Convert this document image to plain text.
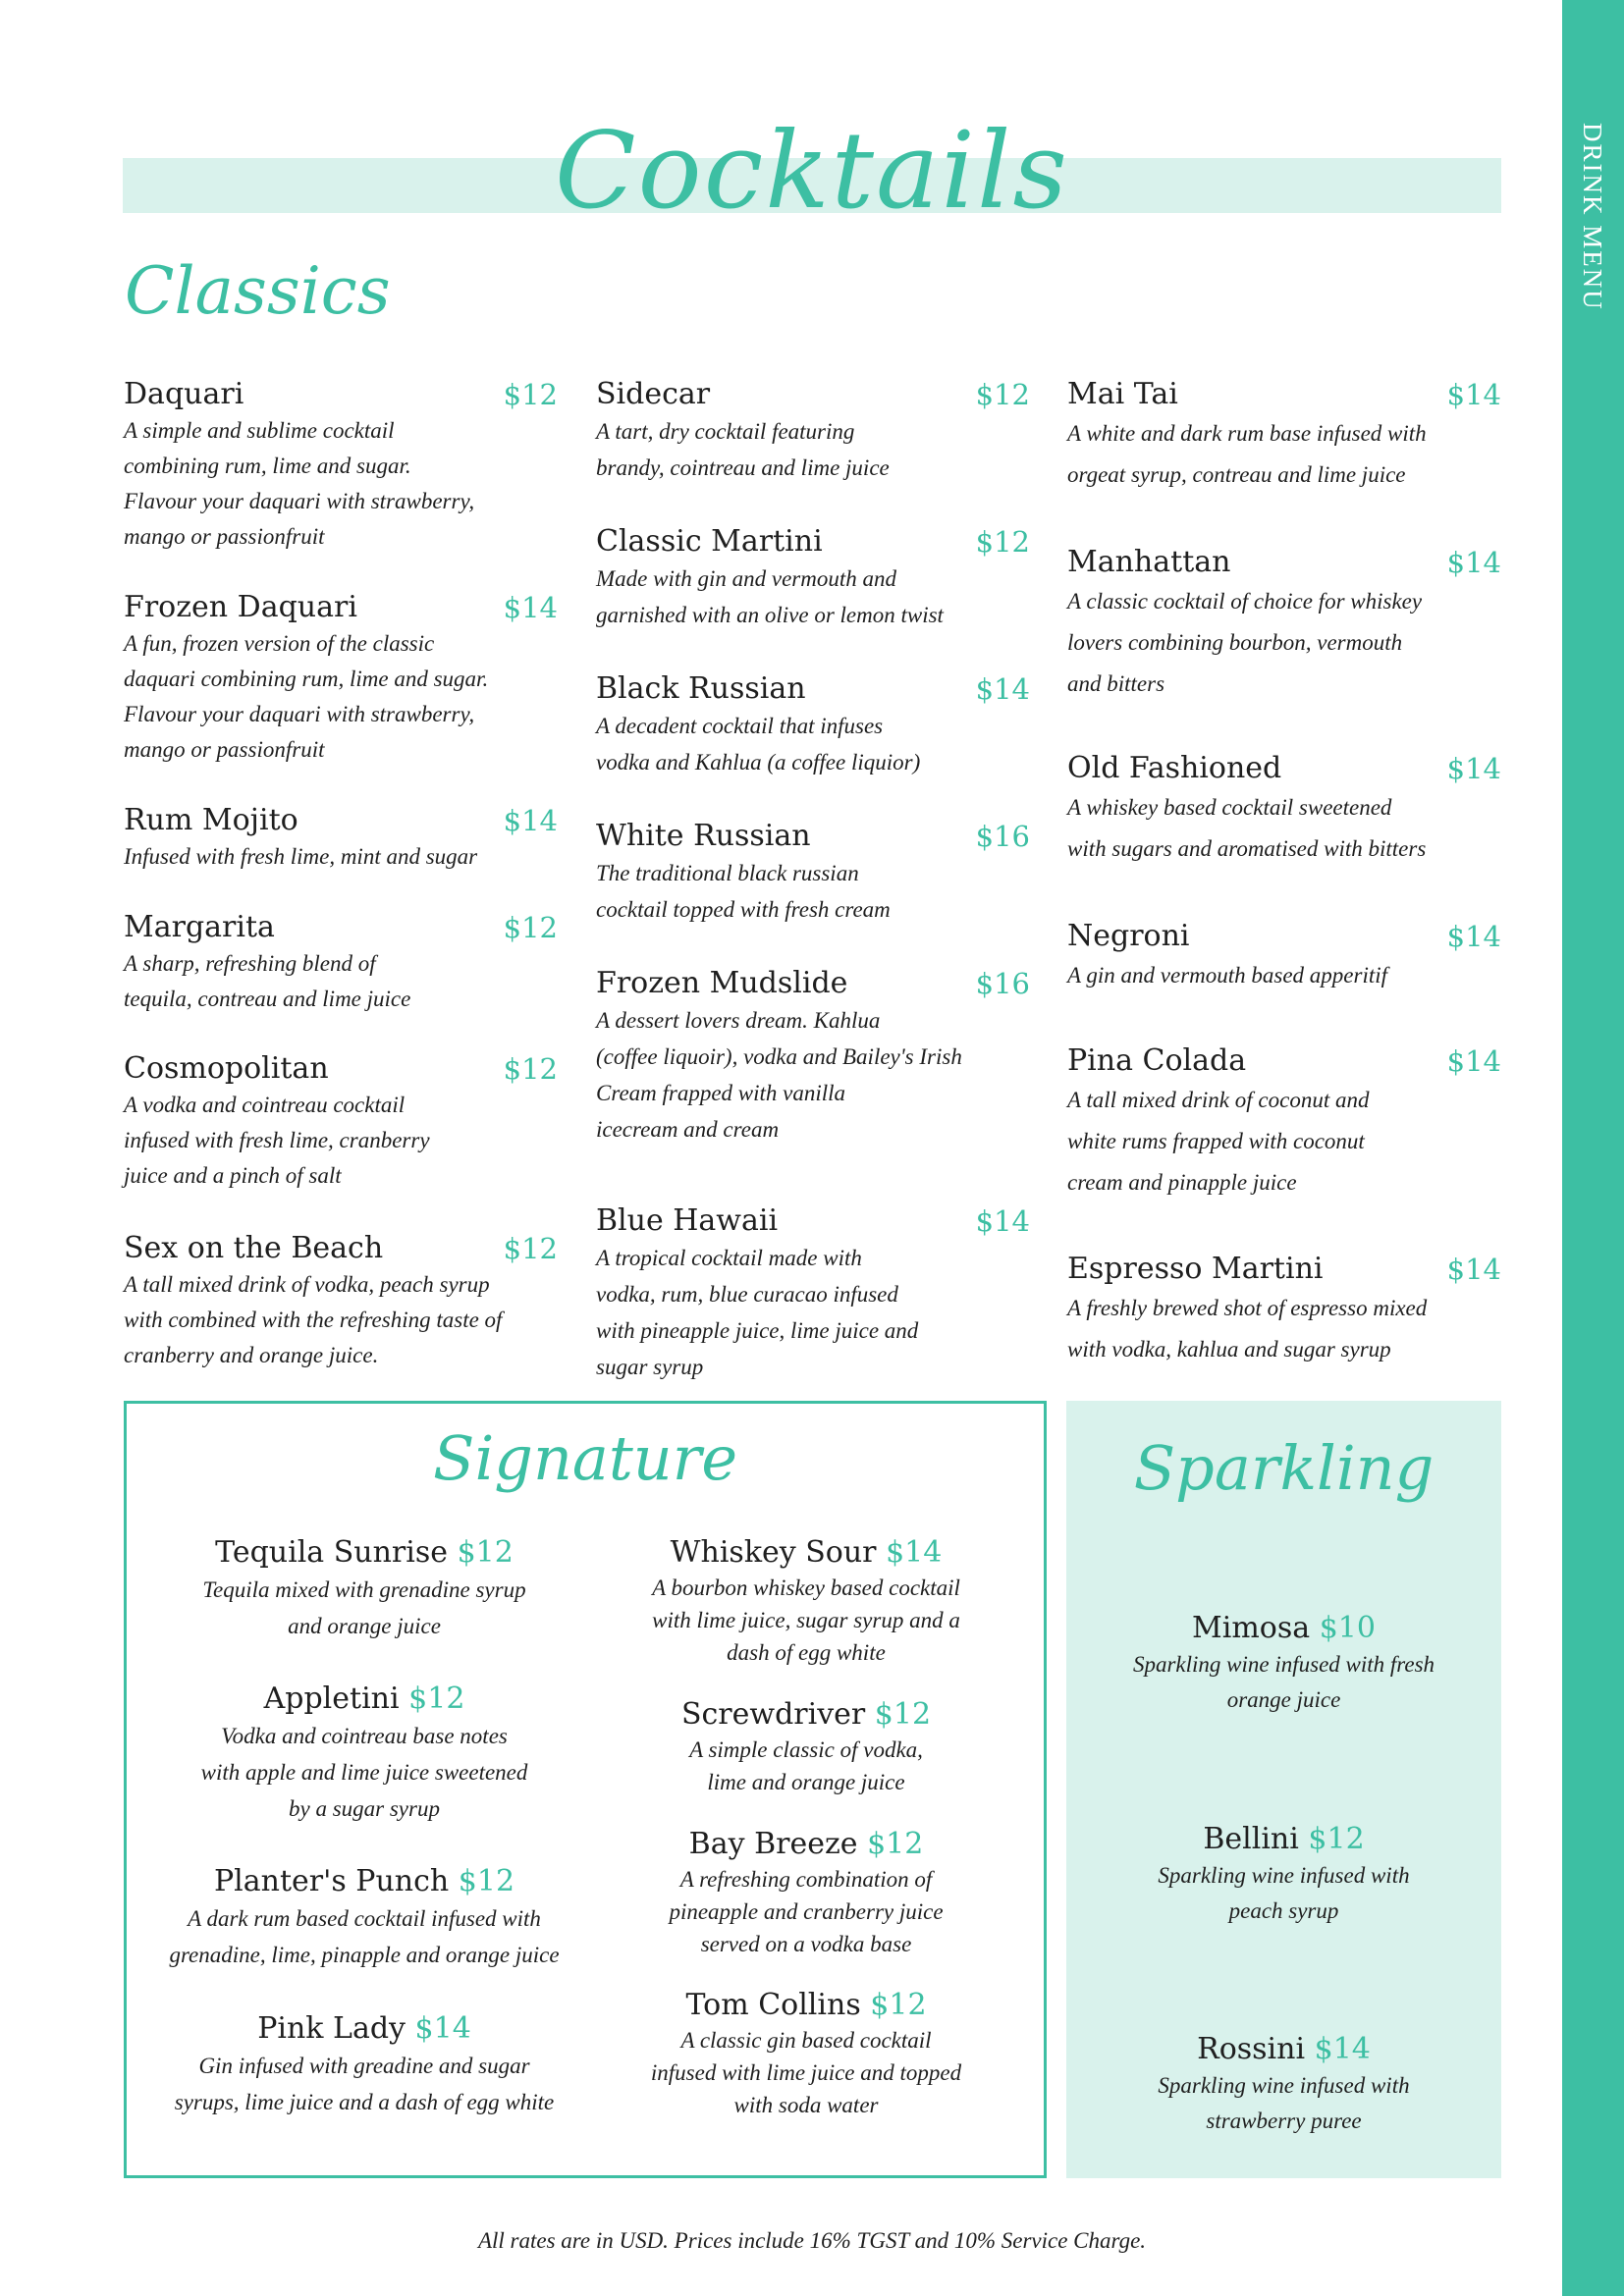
DRINK MENU
Cocktails
Classics
Daquari	$12
A simple and sublime cocktail
combining rum, lime and sugar.
Flavour your daquari with strawberry,
mango or passionfruit
Frozen Daquari	$14
A fun, frozen version of the classic
daquari combining rum, lime and sugar.
Flavour your daquari with strawberry,
mango or passionfruit
Rum Mojito	$14
Infused with fresh lime, mint and sugar
Margarita	$12
A sharp, refreshing blend of
tequila, contreau and lime juice
Cosmopolitan	$12
A vodka and cointreau cocktail
infused with fresh lime, cranberry
juice and a pinch of salt
Sex on the Beach	$12
A tall mixed drink of vodka, peach syrup
with combined with the refreshing taste of
cranberry and orange juice.
Sidecar	$12
A tart, dry cocktail featuring
brandy, cointreau and lime juice
Classic Martini	$12
Made with gin and vermouth and
garnished with an olive or lemon twist
Black Russian	$14
A decadent cocktail that infuses
vodka and Kahlua (a coffee liquior)
White Russian	$16
The traditional black russian
cocktail topped with fresh cream
Frozen Mudslide	$16
A dessert lovers dream. Kahlua
(coffee liquoir), vodka and Bailey's Irish
Cream frapped with vanilla
icecream and cream
Blue Hawaii	$14
A tropical cocktail made with
vodka, rum, blue curacao infused
with pineapple juice, lime juice and
sugar syrup
Mai Tai	$14
A white and dark rum base infused with
orgeat syrup, contreau and lime juice
Manhattan	$14
A classic cocktail of choice for whiskey
lovers combining bourbon, vermouth
and bitters
Old Fashioned	$14
A whiskey based cocktail sweetened
with sugars and aromatised with bitters
Negroni	$14
A gin and vermouth based apperitif
Pina Colada	$14
A tall mixed drink of coconut and
white rums frapped with coconut
cream and pinapple juice
Espresso Martini	$14
A freshly brewed shot of espresso mixed
with vodka, kahlua and sugar syrup
Signature	Sparkling
Tequila Sunrise $12
Tequila mixed with grenadine syrup
and orange juice
Appletini $12
Vodka and cointreau base notes
with apple and lime juice sweetened
by a sugar syrup
Planter's Punch $12
A dark rum based cocktail infused with
grenadine, lime, pinapple and orange juice
Pink Lady $14
Gin infused with greadine and sugar
syrups, lime juice and a dash of egg white
Whiskey Sour $14
A bourbon whiskey based cocktail
with lime juice, sugar syrup and a
dash of egg white
Screwdriver $12
A simple classic of vodka,
lime and orange juice
Bay Breeze $12
A refreshing combination of
pineapple and cranberry juice
served on a vodka base
Tom Collins $12
A classic gin based cocktail
infused with lime juice and topped
with soda water
Mimosa $10
Sparkling wine infused with fresh
orange juice
Bellini $12
Sparkling wine infused with
peach syrup
Rossini $14
Sparkling wine infused with
strawberry puree
All rates are in USD. Prices include 16% TGST and 10% Service Charge.
